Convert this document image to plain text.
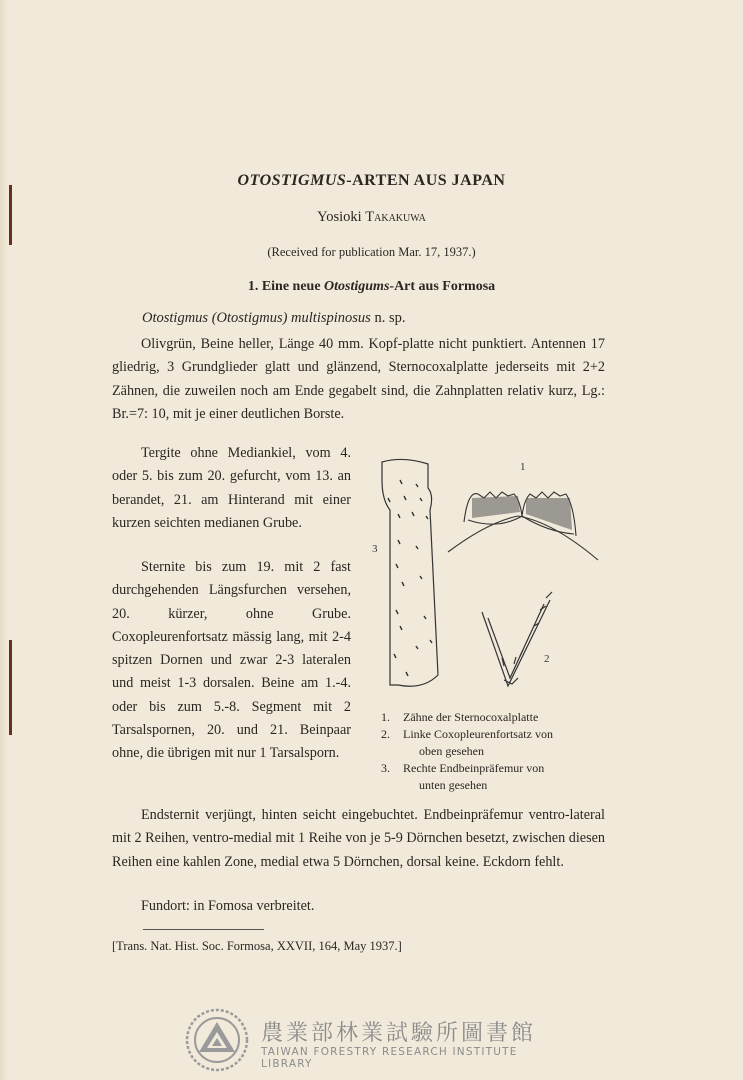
OTOSTIGMUS-ARTEN AUS JAPAN
Yosioki Takakuwa
(Received for publication Mar. 17, 1937.)
1. Eine neue Otostigums-Art aus Formosa
Otostigmus (Otostigmus) multispinosus n. sp.

Olivgrün, Beine heller, Länge 40 mm. Kopf-platte nicht punktiert. Antennen 17 gliedrig, 3 Grundglieder glatt und glänzend, Sternocoxalplatte jederseits mit 2+2 Zähnen, die zuweilen noch am Ende gegabelt sind, die Zahnplatten relativ kurz, Lg.: Br.=7: 10, mit je einer deutlichen Borste.

Tergite ohne Mediankiel, vom 4. oder 5. bis zum 20. gefurcht, vom 13. an berandet, 21. am Hinterand mit einer kurzen seichten medianen Grube.

Sternite bis zum 19. mit 2 fast durchgehenden Längsfurchen versehen, 20. kürzer, ohne Grube. Coxopleurenfortsatz mässig lang, mit 2-4 spitzen Dornen und zwar 2-3 lateralen und meist 1-3 dorsalen. Beine am 1.-4. oder bis zum 5.-8. Segment mit 2 Tarsalspornen, 20. und 21. Beinpaar ohne, die übrigen mit nur 1 Tarsalsporn.

Endsternit verjüngt, hinten seicht eingebuchtet. Endbeinpräfemur ventro-lateral mit 2 Reihen, ventro-medial mit 1 Reihe von je 5-9 Dörnchen besetzt, zwischen diesen Reihen eine kahlen Zone, medial etwa 5 Dörnchen, dorsal keine. Eckdorn fehlt.

Fundort: in Fomosa verbreitet.
1
2
3
1.	Zähne der Sternocoxalplatte
2.	Linke Coxopleurenfortsatz von
oben gesehen
3.	Rechte Endbeinpräfemur von
unten gesehen
[Trans. Nat. Hist. Soc. Formosa, XXVII, 164, May 1937.]
農業部林業試驗所圖書館
TAIWAN FORESTRY RESEARCH INSTITUTE LIBRARY
